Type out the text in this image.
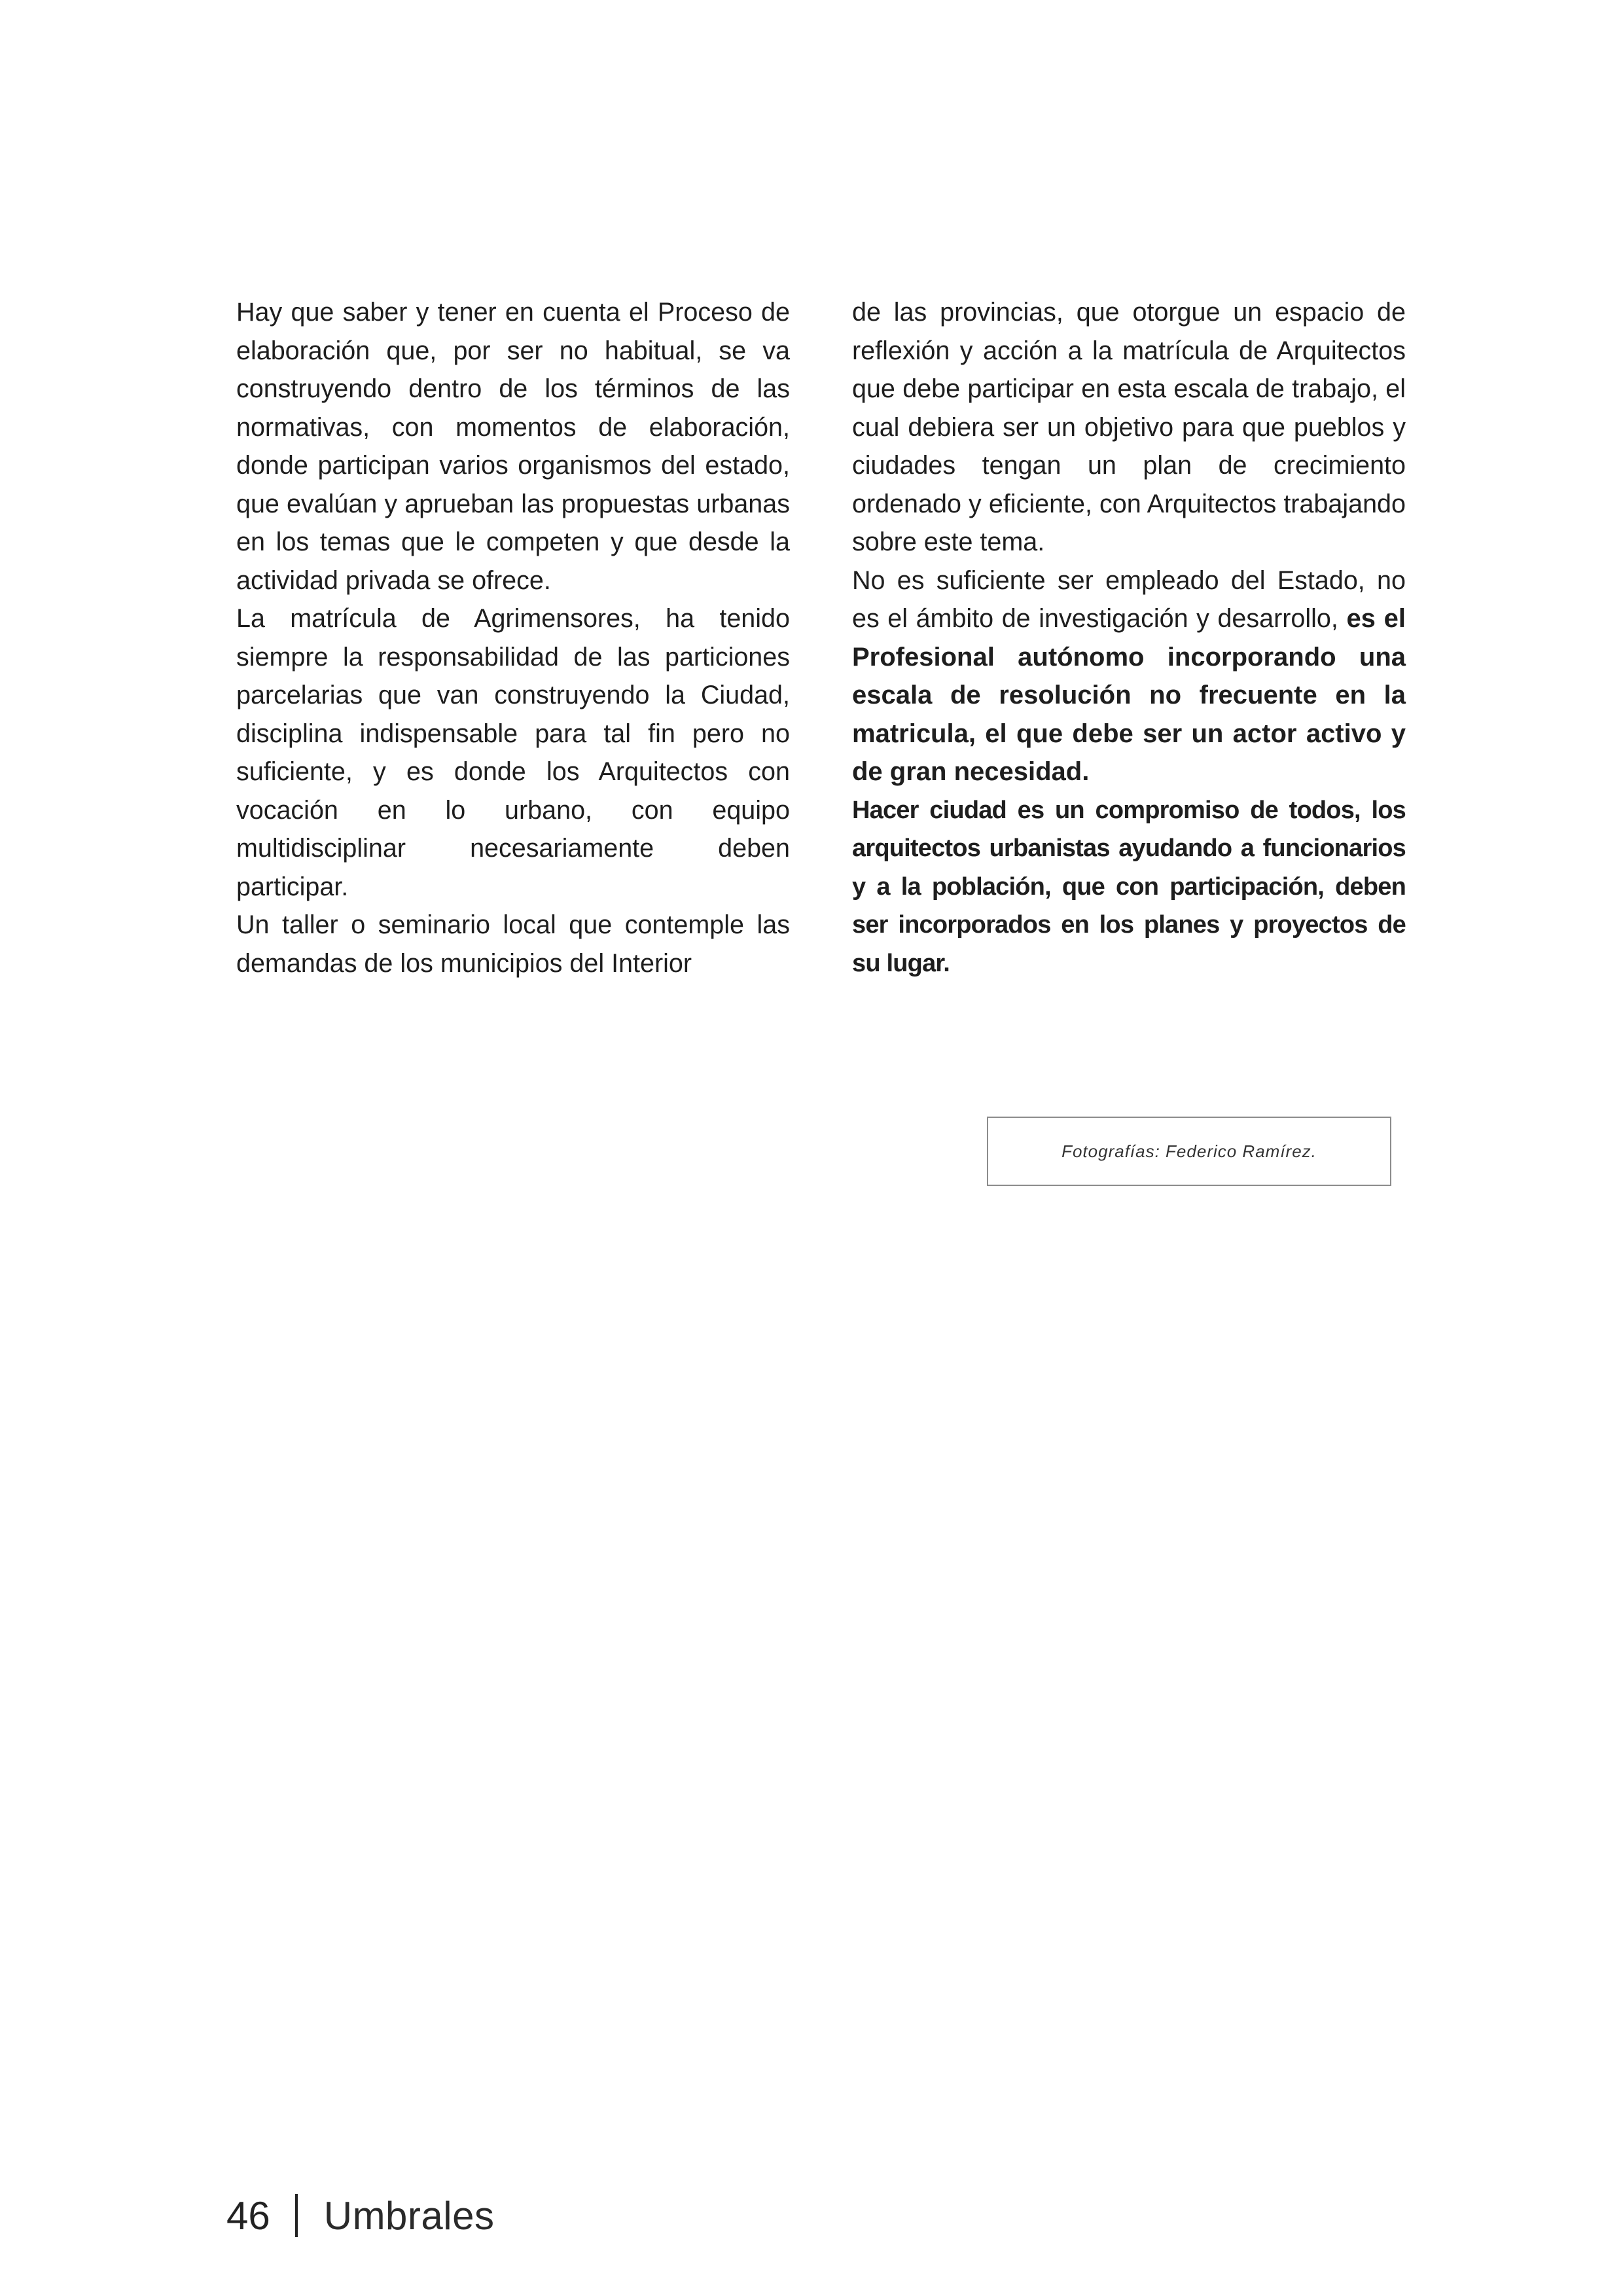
Hay que saber y tener en cuenta el Proceso de elaboración que, por ser no habitual, se va construyendo dentro de los términos de las normativas, con momentos de elaboración, donde participan varios organismos del estado, que evalúan y aprueban las propuestas urbanas en los temas que le competen y que desde la actividad privada se ofrece.

La matrícula de Agrimensores, ha tenido siempre la responsabilidad de las particiones parcelarias que van construyendo la Ciudad, disciplina indispensable para tal fin pero no suficiente, y es donde los Arquitectos con vocación en lo urbano, con equipo multidisciplinar necesariamente deben participar.

Un taller o seminario local que contemple las demandas de los municipios del Interior

de las provincias, que otorgue un espacio de reflexión y acción a la matrícula de Arquitectos que debe participar en esta escala de trabajo, el cual debiera ser un objetivo para que pueblos y ciudades tengan un plan de crecimiento ordenado y eficiente, con Arquitectos trabajando sobre este tema.

No es suficiente ser empleado del Estado, no es el ámbito de investigación y desarrollo, es el Profesional autónomo incorporando una escala de resolución no frecuente en la matricula, el que debe ser un actor activo y de gran necesidad.

Hacer ciudad es un compromiso de todos, los arquitectos urbanistas ayudando a funcionarios y a la población, que con participación, deben ser incorporados en los planes y proyectos de su lugar.

Fotografías: Federico Ramírez.
46 Umbrales
